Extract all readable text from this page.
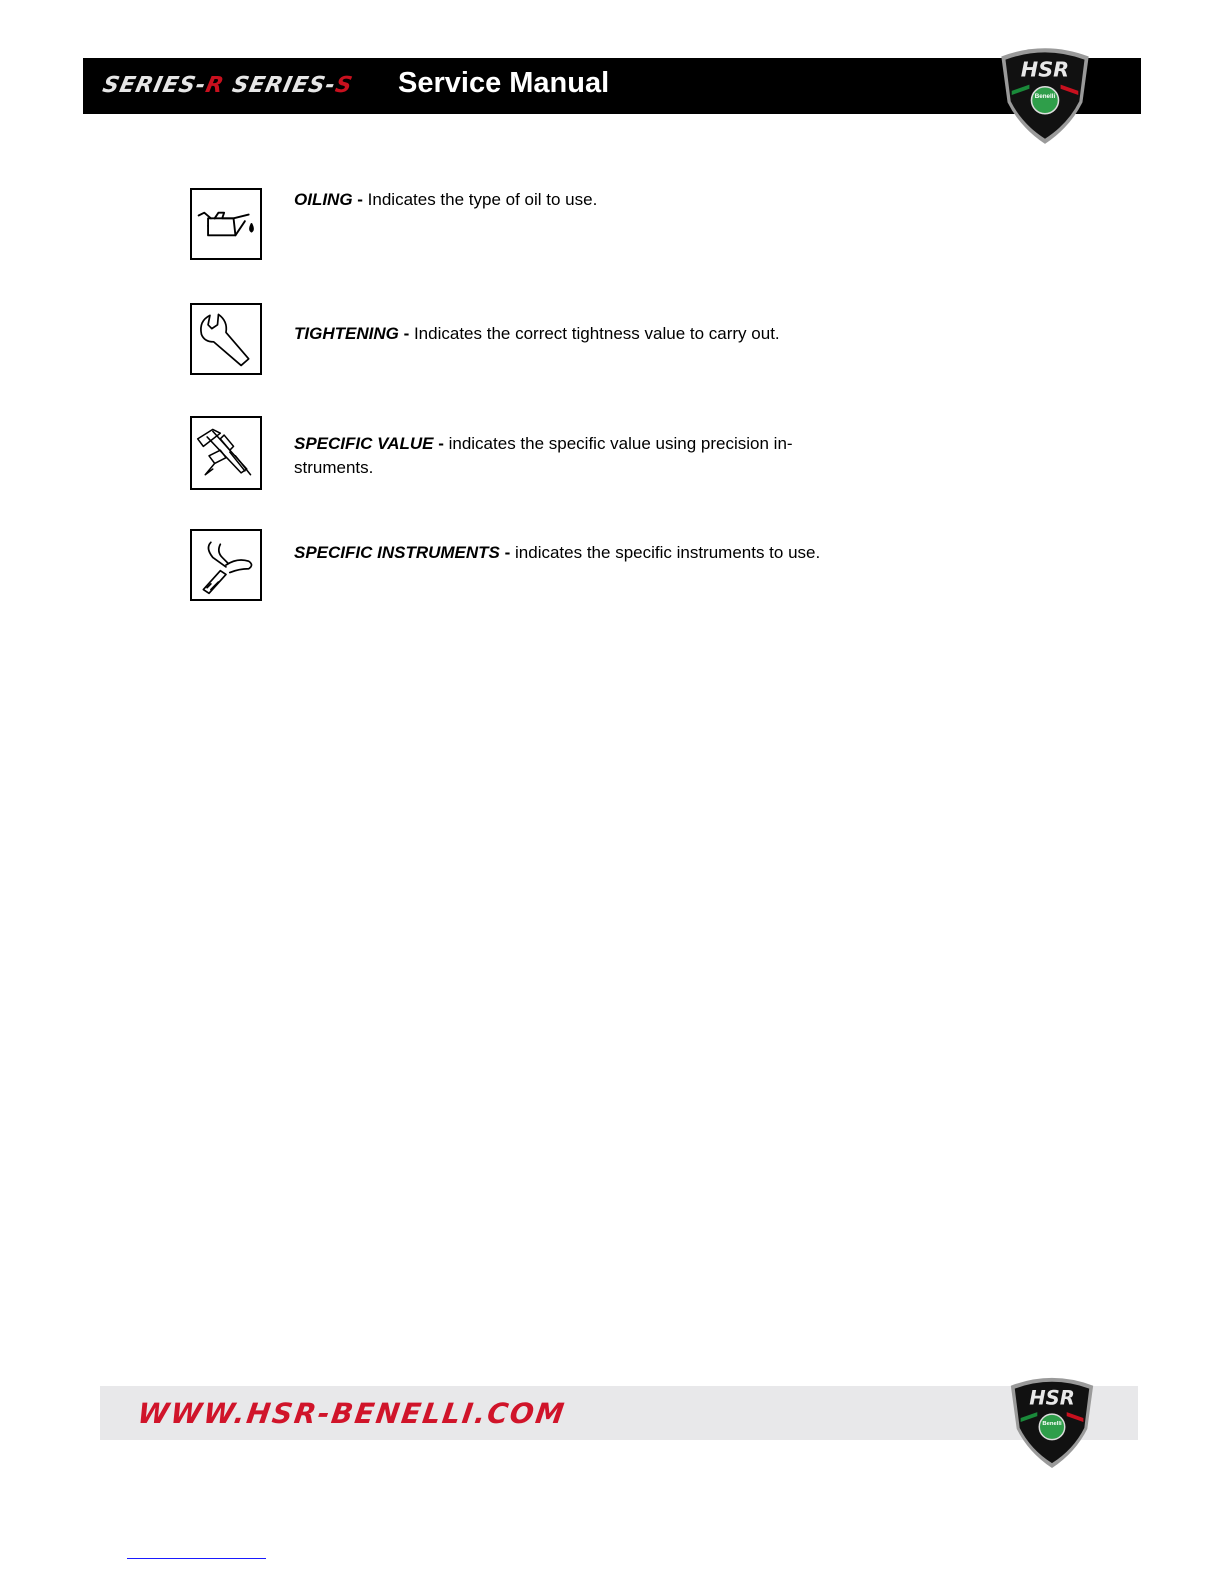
SERIES-R SERIES-S Service Manual	HSR
Benelli
OILING - Indicates the type of oil to use.
TIGHTENING - Indicates the correct tightness value to carry out.
SPECIFIC VALUE - indicates the specific value using precision in-struments.
SPECIFIC INSTRUMENTS - indicates the specific instruments to use.
WWW.HSR-BENELLI.COM	HSR
Benelli
